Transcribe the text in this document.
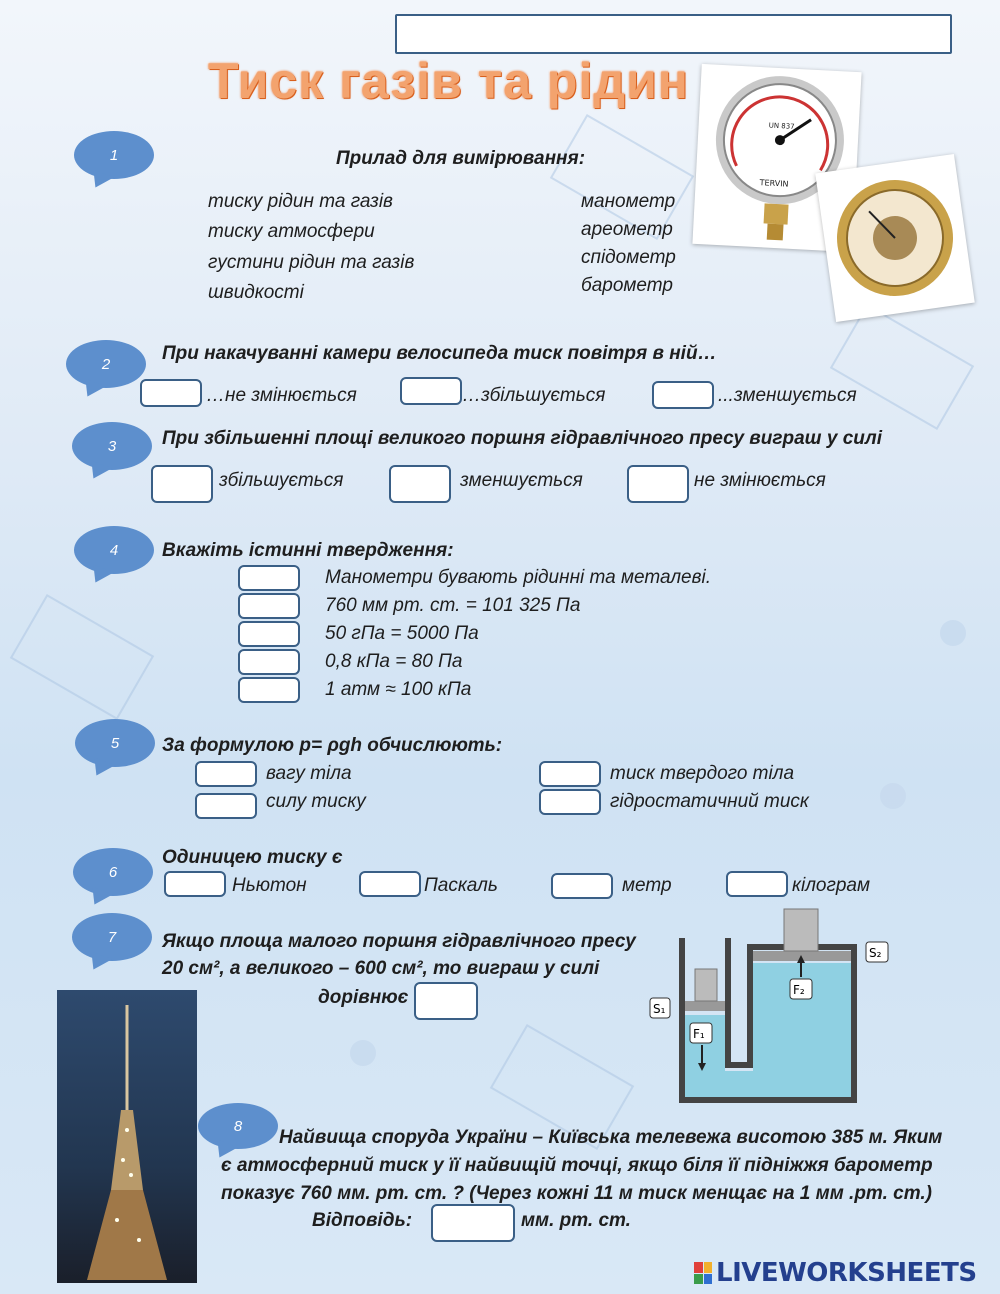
Тиск газів та рідин
UN 837
TERVIN
1	Прилад для вимірювання:
тиску рідин та газів
тиску атмосфери
густини рідин та газів
швидкості
манометр
ареометр
спідометр
барометр
2	При накачуванні камери велосипеда тиск повітря в ній…
…не змінюється	…збільшується	...зменшується
3	При збільшенні площі великого поршня гідравлічного пресу виграш у силі
збільшується	зменшується	не змінюється
4	Вкажіть істинні твердження:
Манометри бувають рідинні та металеві.
760 мм рт. ст. = 101 325 Па
50 гПа = 5000 Па
0,8 кПа = 80 Па
1 атм ≈ 100 кПа
5	За формулою p= ρgh обчислюють:
вагу тіла
силу тиску
тиск твердого тіла
гідростатичний тиск
6
Одиницею тиску є
Ньютон	Паскаль	метр	кілограм
7	Якщо площа малого поршня гідравлічного пресу
20 см², а великого – 600 см², то виграш у силі
дорівнює
S₁
S₂
F₁
F₂
8
Найвища споруда України – Київська телевежа висотою 385 м. Яким
є атмосферний тиск у її найвищій точці, якщо біля її підніжжя барометр
показує 760 мм. рт. ст. ? (Через кожні 11 м тиск менщає на 1 мм .рт. ст.)
Відповідь:	мм. рт. ст.
LIVEWORKSHEETS
